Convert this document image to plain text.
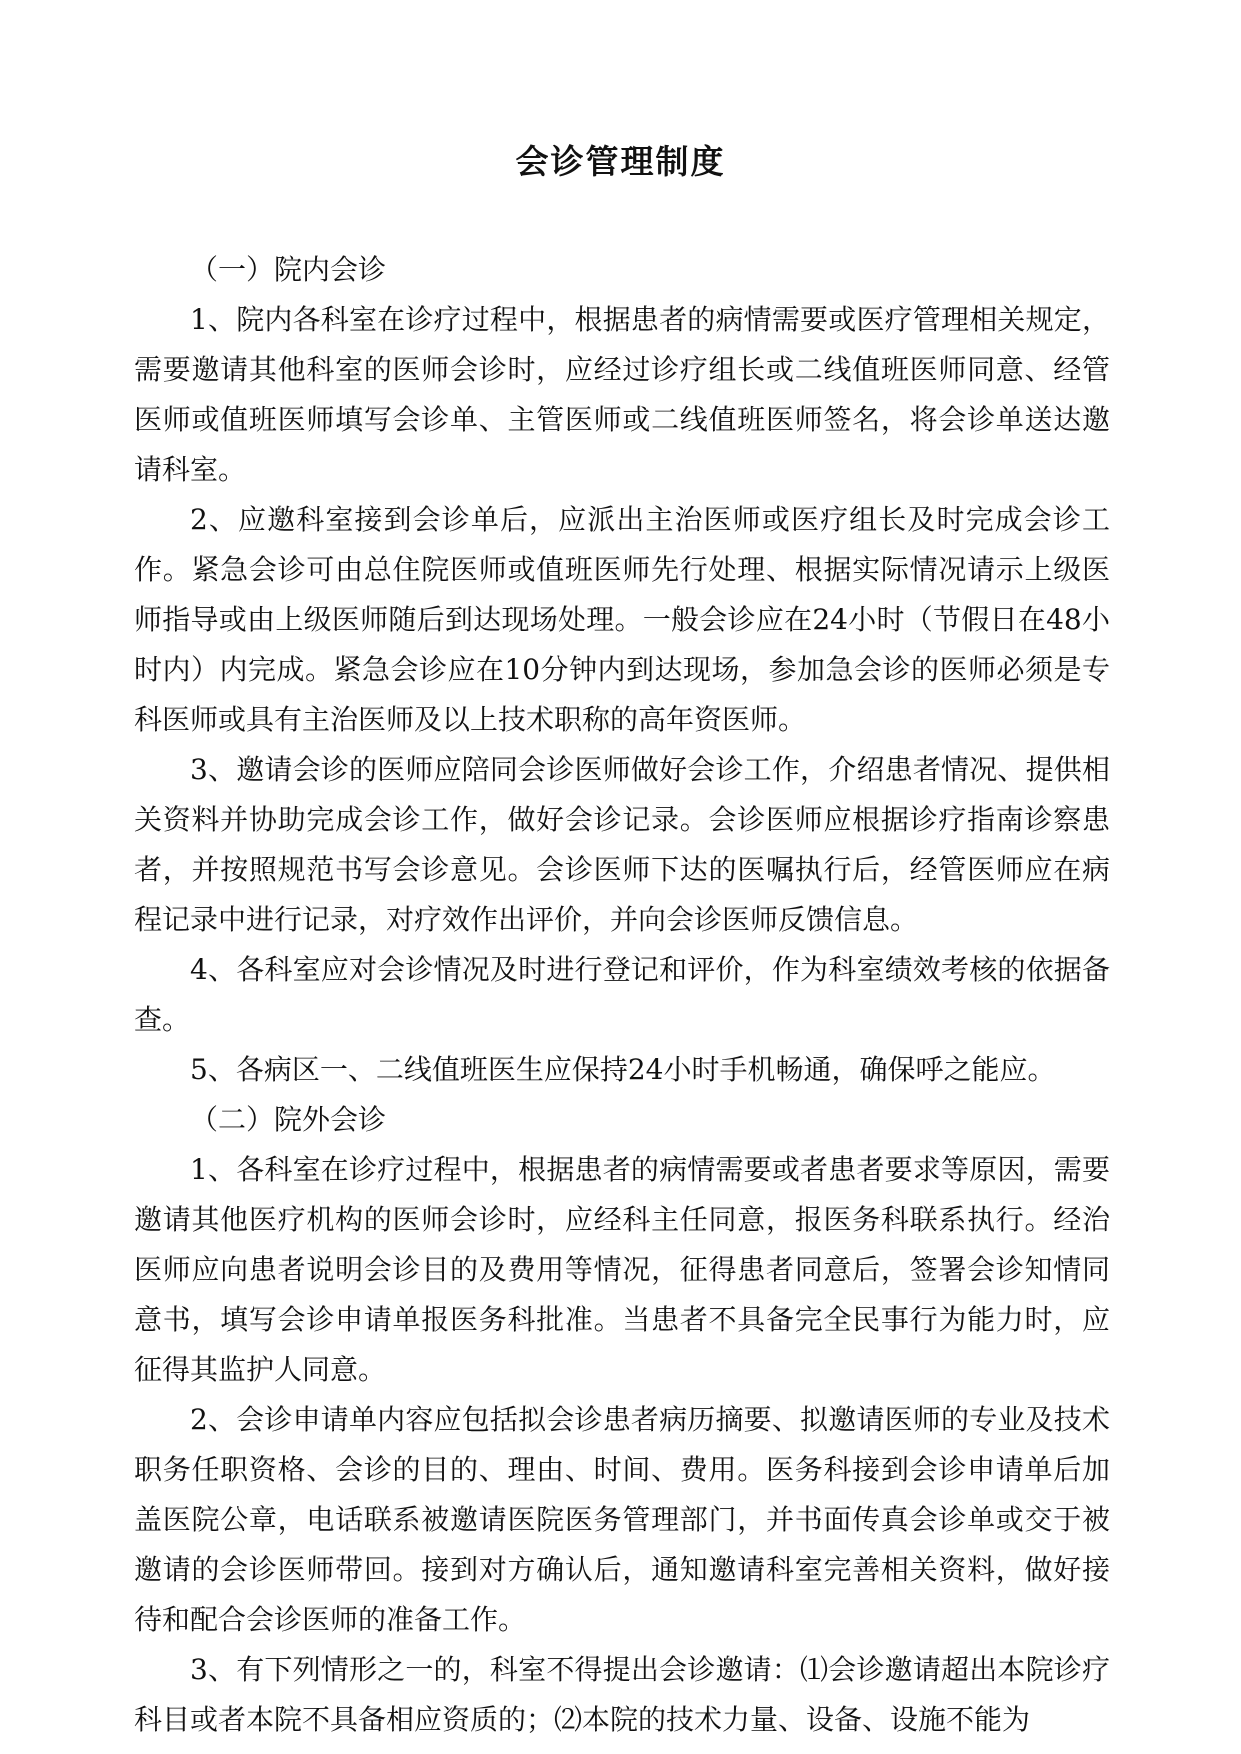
会诊管理制度

（一）院内会诊

1、院内各科室在诊疗过程中，根据患者的病情需要或医疗管理相关规定，需要邀请其他科室的医师会诊时，应经过诊疗组长或二线值班医师同意、经管医师或值班医师填写会诊单、主管医师或二线值班医师签名，将会诊单送达邀请科室。

2、应邀科室接到会诊单后，应派出主治医师或医疗组长及时完成会诊工作。紧急会诊可由总住院医师或值班医师先行处理、根据实际情况请示上级医师指导或由上级医师随后到达现场处理。一般会诊应在24小时（节假日在48小时内）内完成。紧急会诊应在10分钟内到达现场，参加急会诊的医师必须是专科医师或具有主治医师及以上技术职称的高年资医师。

3、邀请会诊的医师应陪同会诊医师做好会诊工作，介绍患者情况、提供相关资料并协助完成会诊工作，做好会诊记录。会诊医师应根据诊疗指南诊察患者，并按照规范书写会诊意见。会诊医师下达的医嘱执行后，经管医师应在病程记录中进行记录，对疗效作出评价，并向会诊医师反馈信息。

4、各科室应对会诊情况及时进行登记和评价，作为科室绩效考核的依据备查。

5、各病区一、二线值班医生应保持24小时手机畅通，确保呼之能应。

（二）院外会诊

1、各科室在诊疗过程中，根据患者的病情需要或者患者要求等原因，需要邀请其他医疗机构的医师会诊时，应经科主任同意，报医务科联系执行。经治医师应向患者说明会诊目的及费用等情况，征得患者同意后，签署会诊知情同意书，填写会诊申请单报医务科批准。当患者不具备完全民事行为能力时，应征得其监护人同意。

2、会诊申请单内容应包括拟会诊患者病历摘要、拟邀请医师的专业及技术职务任职资格、会诊的目的、理由、时间、费用。医务科接到会诊申请单后加盖医院公章，电话联系被邀请医院医务管理部门，并书面传真会诊单或交于被邀请的会诊医师带回。接到对方确认后，通知邀请科室完善相关资料，做好接待和配合会诊医师的准备工作。

3、有下列情形之一的，科室不得提出会诊邀请：⑴会诊邀请超出本院诊疗科目或者本院不具备相应资质的；⑵本院的技术力量、设备、设施不能为
